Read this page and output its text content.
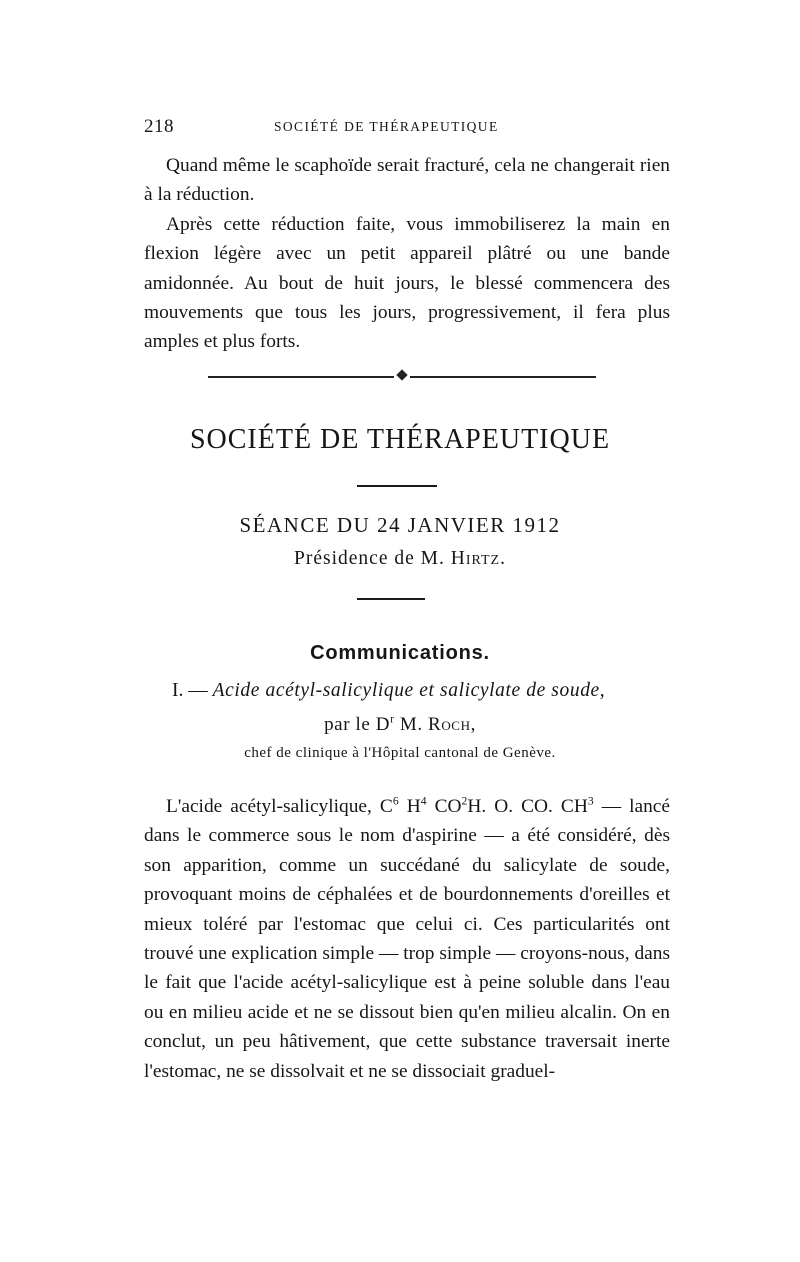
218	SOCIÉTÉ DE THÉRAPEUTIQUE

Quand même le scaphoïde serait fracturé, cela ne changerait rien à la réduction.

Après cette réduction faite, vous immobiliserez la main en flexion légère avec un petit appareil plâtré ou une bande amidonnée. Au bout de huit jours, le blessé commencera des mouvements que tous les jours, progressivement, il fera plus amples et plus forts.

SOCIÉTÉ DE THÉRAPEUTIQUE
SÉANCE DU 24 JANVIER 1912
Présidence de M. Hirtz.
Communications.
I. — Acide acétyl-salicylique et salicylate de soude,
par le $D^r$ M. Roch,
chef de clinique à l'Hôpital cantonal de Genève.

L'acide acétyl-salicylique, $C^6$ $H^4$ $CO^2H$. O. CO. $CH^3$ — lancé dans le commerce sous le nom d'aspirine — a été considéré, dès son apparition, comme un succédané du salicylate de soude, provoquant moins de céphalées et de bourdonnements d'oreilles et mieux toléré par l'estomac que celui ci. Ces particularités ont trouvé une explication simple — trop simple — croyons-nous, dans le fait que l'acide acétyl-salicylique est à peine soluble dans l'eau ou en milieu acide et ne se dissout bien qu'en milieu alcalin. On en conclut, un peu hâtivement, que cette substance traversait inerte l'estomac, ne se dissolvait et ne se dissociait graduel-
